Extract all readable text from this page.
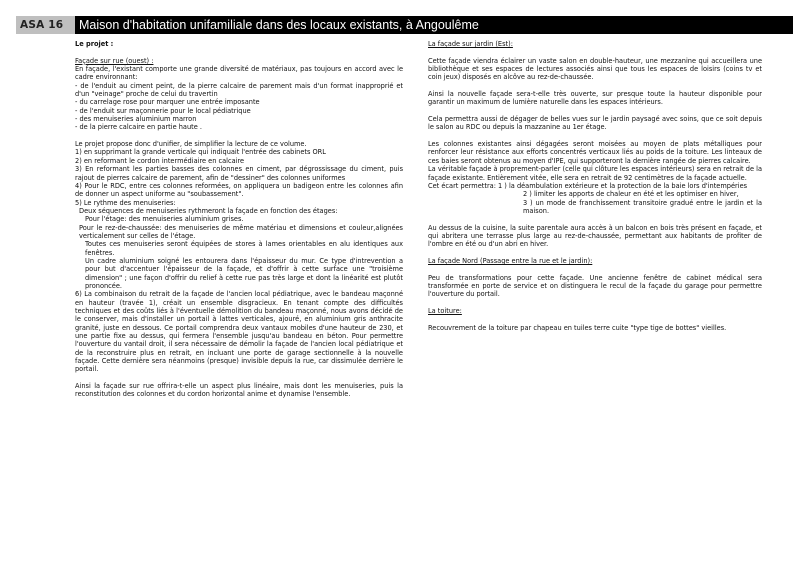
ASA 16	Maison d'habitation unifamiliale dans des locaux existants, à Angoulême

Le projet :

Façade sur rue (ouest) :

En façade, l'existant comporte une grande diversité de matériaux, pas toujours en accord avec le cadre environnant:

- de l'enduit au ciment peint, de la pierre calcaire de parement mais d'un format inapproprié et d'un "veinage" proche de celui du travertin

- du carrelage rose pour marquer une entrée imposante

- de l'enduit sur maçonnerie pour le local pédiatrique

- des menuiseries aluminium marron

- de la pierre calcaire en partie haute .

Le projet propose donc d'unifier, de simplifier la lecture de ce volume.

1) en supprimant la grande verticale qui indiquait l'entrée des cabinets ORL

2) en reformant le cordon intermédiaire en calcaire

3) En reformant les parties basses des colonnes en ciment, par dégrossissage du ciment, puis rajout de pierres calcaire de parement, afin de "dessiner" des colonnes uniformes

4) Pour le RDC, entre ces colonnes reformées, on appliquera un badigeon entre les colonnes afin de donner un aspect uniforme au "soubassement".

5) Le rythme des menuiseries:

Deux séquences de menuiseries rythmeront la façade en fonction des étages:

Pour l'étage: des menuiseries aluminium grises.

Pour le rez-de-chaussée: des menuiseries de même matériau et dimensions et couleur,alignées verticalement sur celles de l'étage.

Toutes ces menuiseries seront équipées de stores à lames orientables en alu identiques aux fenêtres.

Un cadre aluminium soigné les entourera dans l'épaisseur du mur. Ce type d'intrevention a pour but d'accentuer l'épaisseur de la façade, et d'offrir à cette surface une "troisième dimension" ; une façon d'offrir du relief à cette rue pas très large et dont la linéarité est plutôt prononcée.

6) La combinaison du retrait de la façade de l'ancien local pédiatrique, avec le bandeau maçonné en hauteur (travée 1), créait un ensemble disgracieux. En tenant compte des difficultés techniques et des coûts liés à l'éventuelle démolition du bandeau maçonné, nous avons décidé de le conserver, mais d'installer un portail à lattes verticales, ajouré, en aluminium gris anthracite granité, juste en dessous. Ce portail comprendra deux vantaux mobiles d'une hauteur de 230, et une partie fixe au dessus, qui fermera l'ensemble jusqu'au bandeau en béton. Pour permettre l'ouverture du vantail droit, il sera nécessaire de démolir la façade de l'ancien local pédiatrique et de la reconstruire plus en retrait, en incluant une porte de garage sectionnelle à la nouvelle façade. Cette dernière sera néanmoins (presque) invisible depuis la rue, car dissimulée derrière le portail.

Ainsi la façade sur rue offrira-t-elle un aspect plus linéaire, mais dont les menuiseries, puis la reconstitution des colonnes et du cordon horizontal anime et dynamise l'ensemble.

La façade sur jardin (Est):

Cette façade viendra éclairer un vaste salon en double-hauteur, une mezzanine qui accueillera une bibliothèque et ses espaces de lectures associés ainsi que tous les espaces de loisirs (coins tv et coin jeux) disposés en alcôve au rez-de-chaussée.

Ainsi la nouvelle façade sera-t-elle très ouverte, sur presque toute la hauteur disponible pour garantir un maximum de lumière naturelle dans les espaces intérieurs.

Cela permettra aussi de dégager de belles vues sur le jardin paysagé avec soins, que ce soit depuis le salon au RDC ou depuis la mazzanine au 1er étage.

Les colonnes existantes ainsi dégagées seront moisées au moyen de plats métalliques pour renforcer leur résistance aux efforts concentrés verticaux liés au poids de la toiture. Les linteaux de ces baies seront obtenus au moyen d'IPE, qui supporteront la dernière rangée de pierres calcaire.

La véritable façade à proprement-parler (celle qui clôture les espaces intérieurs) sera en retrait de la façade existante. Entièrement vitée, elle sera en retrait de 92 centimètres de la façade actuelle.

Cet écart permettra: 1 ) la déambulation extérieure et la protection de la baie lors d'intempéries

2 ) limiter les apports de chaleur en été et les optimiser en hiver,

3 ) un mode de franchissement transitoire gradué entre le jardin et la maison.

Au dessus de la cuisine, la suite parentale aura accès à un balcon en bois très présent en façade, et qui abritera une terrasse plus large au rez-de-chaussée, permettant aux habitants de profiter de l'ombre en été ou d'un abri en hiver.

La façade Nord (Passage entre la rue et le jardin):

Peu de transformations pour cette façade. Une ancienne fenêtre de cabinet médical sera transformée en porte de service et on distinguera le recul de la façade du garage pour permettre l'ouverture du portail.

La toiture:

Recouvrement de la toiture par chapeau en tuiles terre cuite "type tige de bottes" vieilles.
